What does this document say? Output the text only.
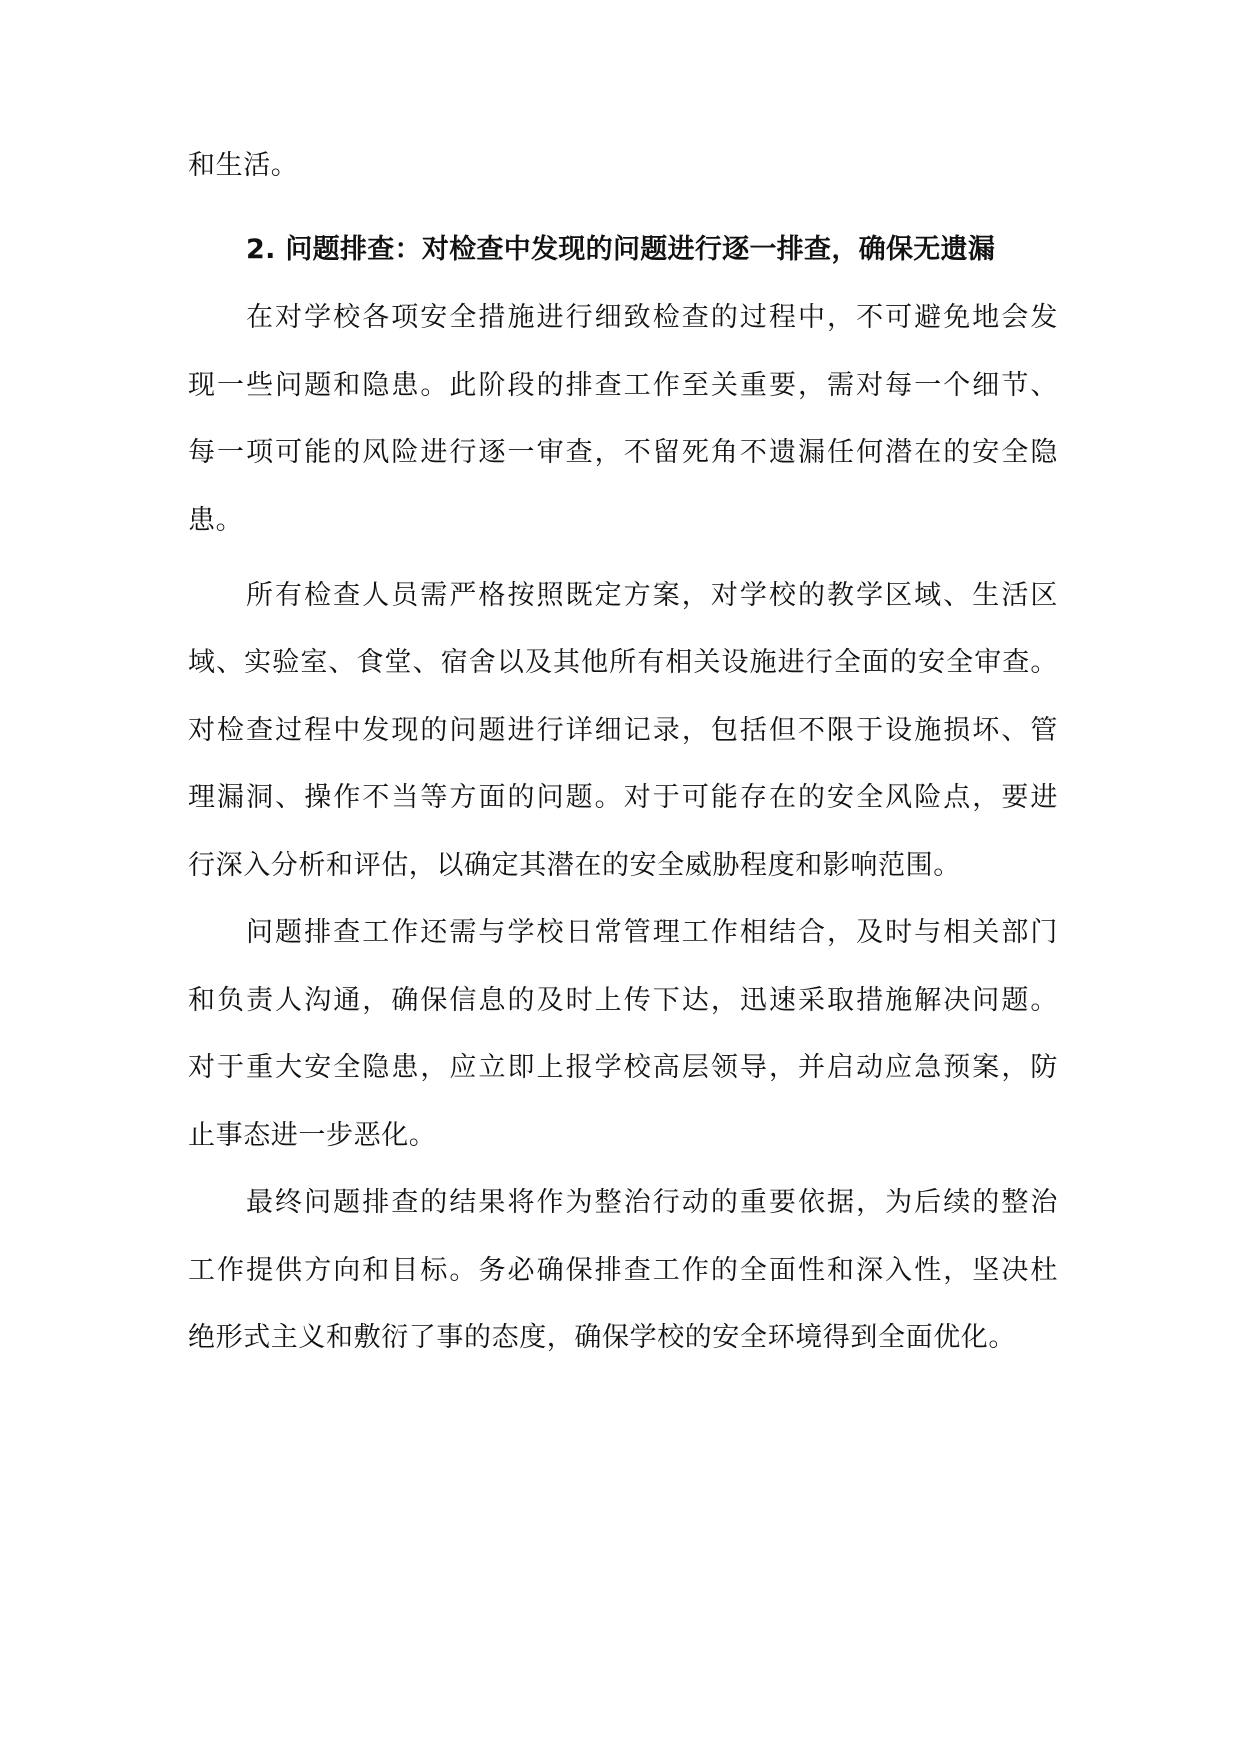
和生活。
2. 问题排查：对检查中发现的问题进行逐一排查，确保无遗漏
在对学校各项安全措施进行细致检查的过程中，不可避免地会发
现一些问题和隐患。此阶段的排查工作至关重要，需对每一个细节、
每一项可能的风险进行逐一审查，不留死角不遗漏任何潜在的安全隐
患。
所有检查人员需严格按照既定方案，对学校的教学区域、生活区
域、实验室、食堂、宿舍以及其他所有相关设施进行全面的安全审查。
对检查过程中发现的问题进行详细记录，包括但不限于设施损坏、管
理漏洞、操作不当等方面的问题。对于可能存在的安全风险点，要进
行深入分析和评估，以确定其潜在的安全威胁程度和影响范围。
问题排查工作还需与学校日常管理工作相结合，及时与相关部门
和负责人沟通，确保信息的及时上传下达，迅速采取措施解决问题。
对于重大安全隐患，应立即上报学校高层领导，并启动应急预案，防
止事态进一步恶化。
最终问题排查的结果将作为整治行动的重要依据，为后续的整治
工作提供方向和目标。务必确保排查工作的全面性和深入性，坚决杜
绝形式主义和敷衍了事的态度，确保学校的安全环境得到全面优化。
